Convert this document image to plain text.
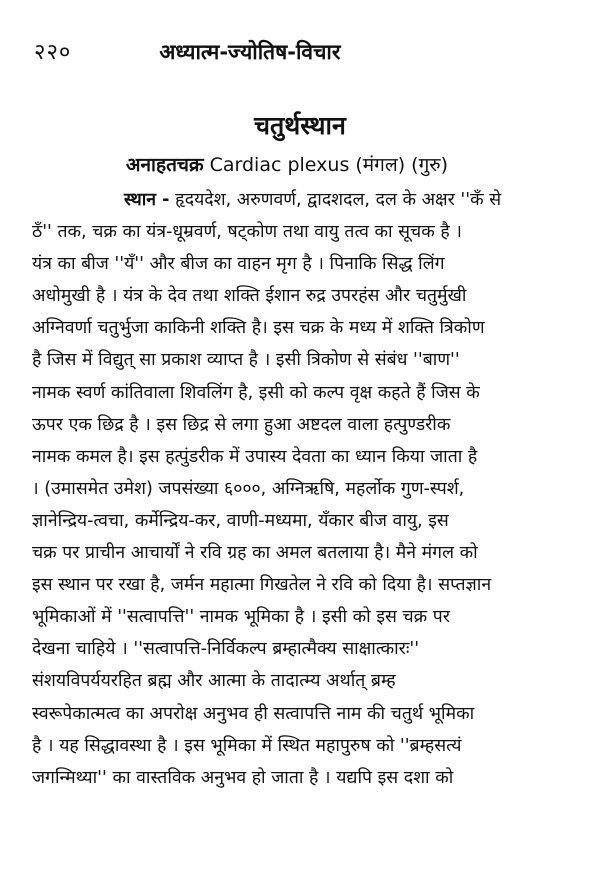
२२०	अध्यात्म-ज्योतिष-विचार
चतुर्थस्थान
अनाहतचक्र Cardiac plexus (मंगल) (गुरु)
स्थान - हृदयदेश, अरुणवर्ण, द्वादशदल, दल के अक्षर ''कँ से
ठँ'' तक, चक्र का यंत्र-धूम्रवर्ण, षट्कोण तथा वायु तत्व का सूचक है ।
यंत्र का बीज ''यँ'' और बीज का वाहन मृग है । पिनाकि सिद्ध लिंग
अधोमुखी है । यंत्र के देव तथा शक्ति ईशान रुद्र उपरहंस और चतुर्मुखी
अग्निवर्णा चतुर्भुजा काकिनी शक्ति है। इस चक्र के मध्य में शक्ति त्रिकोण
है जिस में विद्युत् सा प्रकाश व्याप्त है । इसी त्रिकोण से संबंध ''बाण''
नामक स्वर्ण कांतिवाला शिवलिंग है, इसी को कल्प वृक्ष कहते हैं जिस के
ऊपर एक छिद्र है । इस छिद्र से लगा हुआ अष्टदल वाला हत्पुण्डरीक
नामक कमल है। इस हत्पुंडरीक में उपास्य देवता का ध्यान किया जाता है
। (उमासमेत उमेश) जपसंख्या ६०००, अग्निऋषि, महर्लोक गुण-स्पर्श,
ज्ञानेन्द्रिय-त्वचा, कर्मेन्द्रिय-कर, वाणी-मध्यमा, यँकार बीज वायु, इस
चक्र पर प्राचीन आचार्यों ने रवि ग्रह का अमल बतलाया है। मैने मंगल को
इस स्थान पर रखा है, जर्मन महात्मा गिखतेल ने रवि को दिया है। सप्तज्ञान
भूमिकाओं में ''सत्वापत्ति'' नामक भूमिका है । इसी को इस चक्र पर
देखना चाहिये । ''सत्वापत्ति-निर्विकल्प ब्रम्हात्मैक्य साक्षात्कारः''
संशयविपर्ययरहित ब्रह्म और आत्मा के तादात्म्य अर्थात् ब्रम्ह
स्वरूपेकात्मत्व का अपरोक्ष अनुभव ही सत्वापत्ति नाम की चतुर्थ भूमिका
है । यह सिद्धावस्था है । इस भूमिका में स्थित महापुरुष को ''ब्रम्हसत्यं
जगन्मिथ्या'' का वास्तविक अनुभव हो जाता है । यद्यपि इस दशा को
